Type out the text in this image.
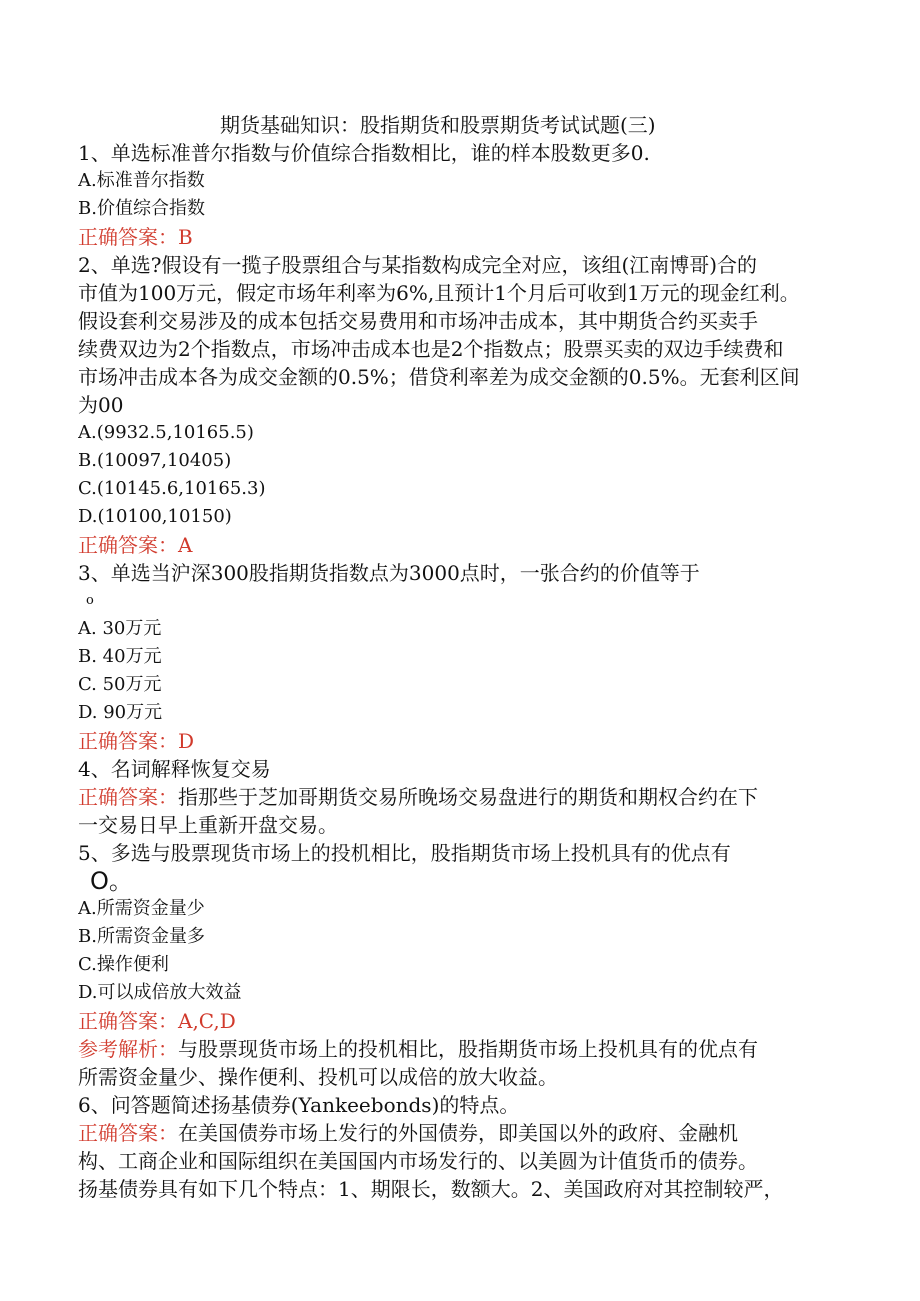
期货基础知识：股指期货和股票期货考试试题(三)
1、单选标准普尔指数与价值综合指数相比，谁的样本股数更多0.
A.标准普尔指数
B.价值综合指数
正确答案：B
2、单选?假设有一揽子股票组合与某指数构成完全对应，该组(江南博哥)合的
市值为100万元，假定市场年利率为6%,且预计1个月后可收到1万元的现金红利。
假设套利交易涉及的成本包括交易费用和市场冲击成本，其中期货合约买卖手
续费双边为2个指数点，市场冲击成本也是2个指数点；股票买卖的双边手续费和
市场冲击成本各为成交金额的0.5%；借贷利率差为成交金额的0.5%。无套利区间
为00
A.(9932.5,10165.5)
B.(10097,10405)
C.(10145.6,10165.3)
D.(10100,10150)
正确答案：A
3、单选当沪深300股指期货指数点为3000点时，一张合约的价值等于
o
A. 30万元
B. 40万元
C. 50万元
D. 90万元
正确答案：D
4、名词解释恢复交易
正确答案：指那些于芝加哥期货交易所晚场交易盘进行的期货和期权合约在下
一交易日早上重新开盘交易。
5、多选与股票现货市场上的投机相比，股指期货市场上投机具有的优点有
O。
A.所需资金量少
B.所需资金量多
C.操作便利
D.可以成倍放大效益
正确答案：A,C,D
参考解析：与股票现货市场上的投机相比，股指期货市场上投机具有的优点有
所需资金量少、操作便利、投机可以成倍的放大收益。
6、问答题简述扬基债券(Yankeebonds)的特点。
正确答案：在美国债券市场上发行的外国债券，即美国以外的政府、金融机
构、工商企业和国际组织在美国国内市场发行的、以美圆为计值货币的债券。
扬基债券具有如下几个特点：1、期限长，数额大。2、美国政府对其控制较严，
